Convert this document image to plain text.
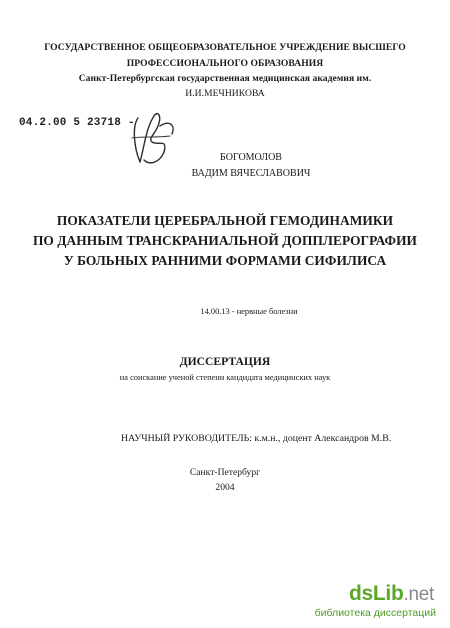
ГОСУДАРСТВЕННОЕ ОБЩЕОБРАЗОВАТЕЛЬНОЕ УЧРЕЖДЕНИЕ ВЫСШЕГО
ПРОФЕССИОНАЛЬНОГО ОБРАЗОВАНИЯ
Санкт-Петербургская государственная медицинская академия им.
И.И.МЕЧНИКОВА
04.2.00 5 23718 -
БОГОМОЛОВ
ВАДИМ ВЯЧЕСЛАВОВИЧ
ПОКАЗАТЕЛИ ЦЕРЕБРАЛЬНОЙ ГЕМОДИНАМИКИ
ПО ДАННЫМ ТРАНСКРАНИАЛЬНОЙ ДОППЛЕРОГРАФИИ
У БОЛЬНЫХ РАННИМИ ФОРМАМИ СИФИЛИСА
14.00.13 - нервные болезни
ДИССЕРТАЦИЯ
на соискание ученой степени кандидата медицинских наук
НАУЧНЫЙ РУКОВОДИТЕЛЬ: к.м.н., доцент Александров М.В.
Санкт-Петербург
2004
dsLib.net
библиотека диссертаций
